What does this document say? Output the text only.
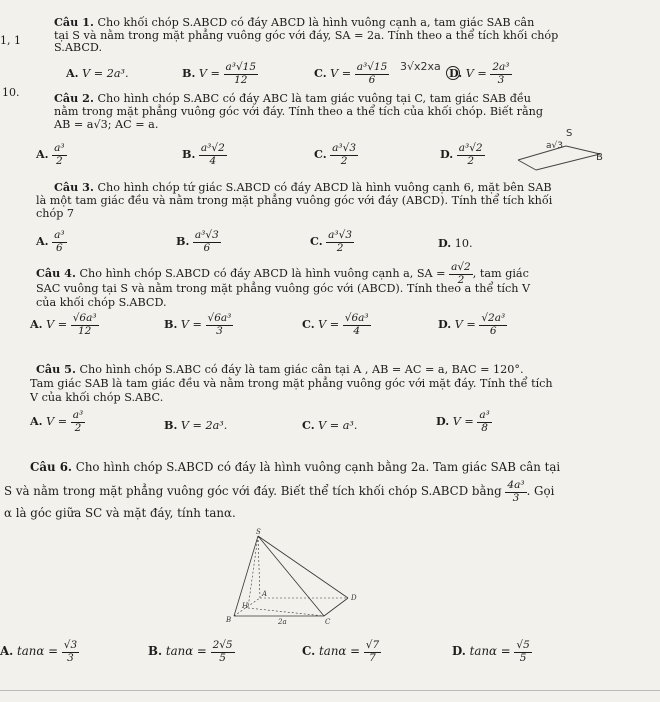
1, 1
10.
Câu 1. Cho khối chóp S.ABCD có đáy ABCD là hình vuông cạnh a, tam giác SAB cân
tại S và nằm trong mặt phẳng vuông góc với đáy, SA = 2a. Tính theo a thể tích khối chóp
S.ABCD.
A. V = 2a³.	B. $V = \frac{\text{a³√15}}{12}$	C. $V = \frac{\text{a³√15}}{6} 3√x2xa$ D. $V = \frac{\text{2a³}}{3}$
Câu 2. Cho hình chóp S.ABC có đáy ABC là tam giác vuông tại C, tam giác SAB đều
nằm trong mặt phẳng vuông góc với đáy. Tính theo a thể tích của khối chóp. Biết rằng
AB = a√3; AC = a.
A. $\frac{\text{a³}}{2}$	B. $\frac{\text{a³√2}}{4}$	C. $\frac{\text{a³√3}}{2}$	D. $\frac{\text{a³√2}}{2}$
S
a√3
B
Câu 3. Cho hình chóp tứ giác S.ABCD có đáy ABCD là hình vuông cạnh 6, mặt bên SAB
là một tam giác đều và nằm trong mặt phẳng vuông góc với đáy (ABCD). Tính thể tích khối
chóp 7
A. $\frac{\text{a³}}{6}$	B. $\frac{\text{a³√3}}{6}$	C. $\frac{\text{a³√3}}{2}$	D. 10.
Câu 4. Cho hình chóp S.ABCD có đáy ABCD là hình vuông cạnh a, SA = $\frac{a√2}{2}$ , tam giác
SAC vuông tại S và nằm trong mặt phẳng vuông góc với (ABCD). Tính theo a thể tích V
của khối chóp S.ABCD.
A. $V = \frac{\text{√6a³}}{12}$	B. $V = \frac{\text{√6a³}}{3}$	C. $V = \frac{\text{√6a³}}{4}$	D. $V = \frac{\text{√2a³}}{6}$
Câu 5. Cho hình chóp S.ABC có đáy là tam giác cân tại A , AB = AC = a, BAC = 120°.
Tam giác SAB là tam giác đều và nằm trong mặt phẳng vuông góc với mặt đáy. Tính thể tích
V của khối chóp S.ABC.
A. $V = \frac{\text{a³}}{2}$	B. V = 2a³.	C. V = a³.	D. $V = \frac{\text{a³}}{8}$
Câu 6. Cho hình chóp S.ABCD có đáy là hình vuông cạnh bằng 2a. Tam giác SAB cân tại
S và nằm trong mặt phẳng vuông góc với đáy. Biết thể tích khối chóp S.ABCD bằng $\frac{\text{4a³}}{3}$ . Gọi
α là góc giữa SC và mặt đáy, tính tanα.
S
A	D
H
B	C
2a
A. $\tan\alpha = \frac{√3}{3}$	B. $\tan\alpha = \frac{2√5}{5}$	C. $\tan\alpha = \frac{√7}{7}$	D. $\tan\alpha = \frac{√5}{5}$
